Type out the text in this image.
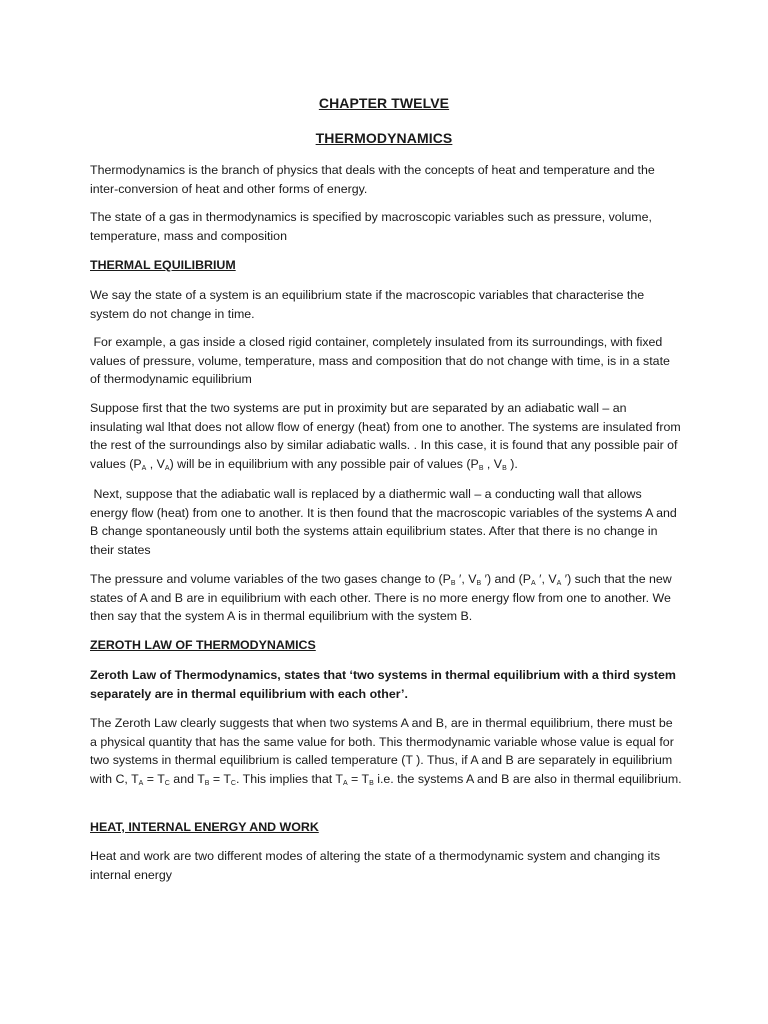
CHAPTER TWELVE
THERMODYNAMICS

Thermodynamics is the branch of physics that deals with the concepts of heat and temperature and the inter-conversion of heat and other forms of energy.

The state of a gas in thermodynamics is specified by macroscopic variables such as pressure, volume, temperature, mass and composition

THERMAL EQUILIBRIUM

We say the state of a system is an equilibrium state if the macroscopic variables that characterise the system do not change in time.

For example, a gas inside a closed rigid container, completely insulated from its surroundings, with fixed values of pressure, volume, temperature, mass and composition that do not change with time, is in a state of thermodynamic equilibrium

Suppose first that the two systems are put in proximity but are separated by an adiabatic wall – an insulating wal lthat does not allow flow of energy (heat) from one to another. The systems are insulated from the rest of the surroundings also by similar adiabatic walls. . In this case, it is found that any possible pair of values ($P_A$ , $V_A$) will be in equilibrium with any possible pair of values ($P_B$ , $V_B$ ).

Next, suppose that the adiabatic wall is replaced by a diathermic wall – a conducting wall that allows energy flow (heat) from one to another. It is then found that the macroscopic variables of the systems A and B change spontaneously until both the systems attain equilibrium states. After that there is no change in their states

The pressure and volume variables of the two gases change to ($P_B$ ′, $V_B$ ′) and ($P_A$ ′, $V_A$ ′) such that the new states of A and B are in equilibrium with each other. There is no more energy flow from one to another. We then say that the system A is in thermal equilibrium with the system B.

ZEROTH LAW OF THERMODYNAMICS

Zeroth Law of Thermodynamics, states that ‘two systems in thermal equilibrium with a third system separately are in thermal equilibrium with each other’.

The Zeroth Law clearly suggests that when two systems A and B, are in thermal equilibrium, there must be a physical quantity that has the same value for both. This thermodynamic variable whose value is equal for two systems in thermal equilibrium is called temperature (T ). Thus, if A and B are separately in equilibrium with C, $T_A = T_C$ and $T_B = T_C$. This implies that $T_A = T_B$ i.e. the systems A and B are also in thermal equilibrium.

HEAT, INTERNAL ENERGY AND WORK

Heat and work are two different modes of altering the state of a thermodynamic system and changing its internal energy
